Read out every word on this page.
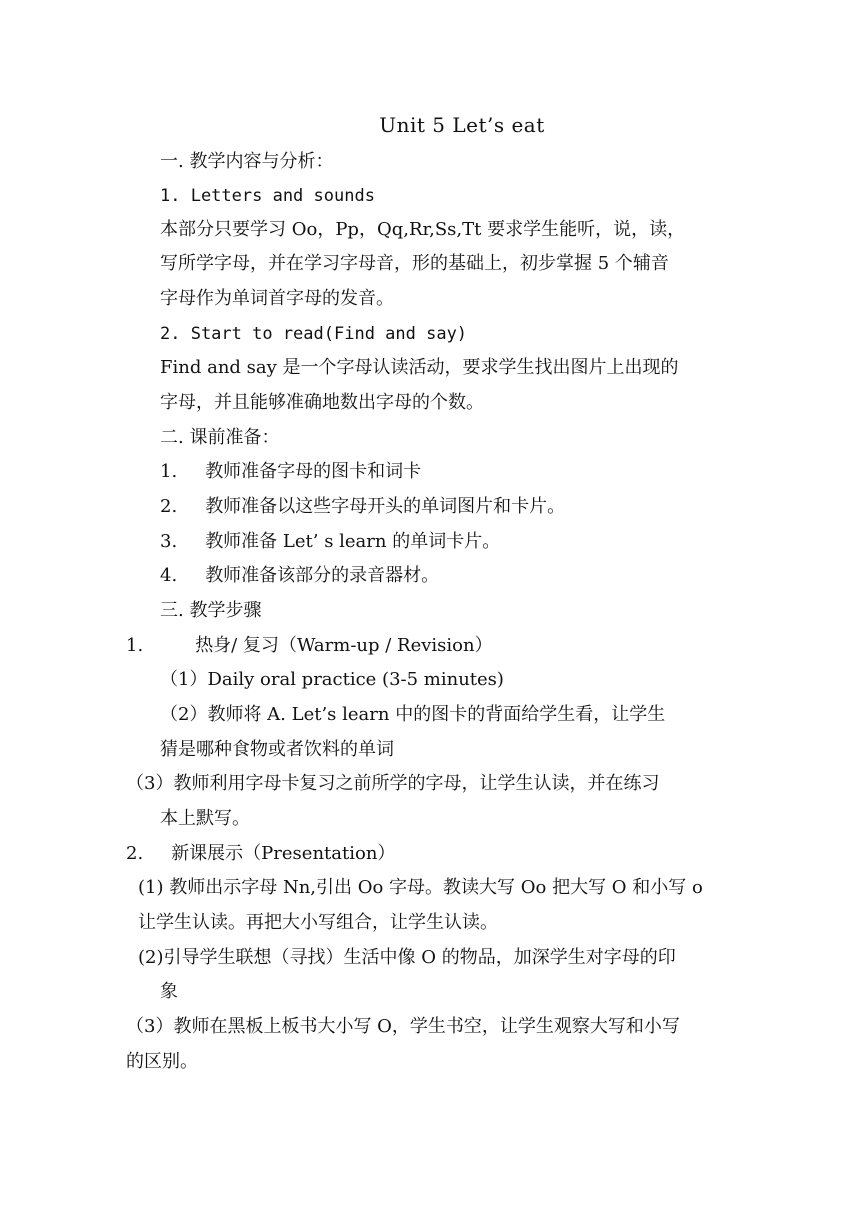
Unit 5 Let’s eat
一. 教学内容与分析：
1. Letters and sounds
本部分只要学习 Oo，Pp，Qq,Rr,Ss,Tt 要求学生能听，说，读，
写所学字母，并在学习字母音，形的基础上，初步掌握 5 个辅音
字母作为单词首字母的发音。
2. Start to read(Find and say)
Find and say 是一个字母认读活动，要求学生找出图片上出现的
字母，并且能够准确地数出字母的个数。
二. 课前准备：
1. 教师准备字母的图卡和词卡
2. 教师准备以这些字母开头的单词图片和卡片。
3. 教师准备 Let’ s learn 的单词卡片。
4. 教师准备该部分的录音器材。
三. 教学步骤
1.	热身/ 复习（Warm-up / Revision）
（1）Daily oral practice (3-5 minutes)
（2）教师将 A. Let’s learn 中的图卡的背面给学生看，让学生
猜是哪种食物或者饮料的单词
（3）教师利用字母卡复习之前所学的字母，让学生认读，并在练习
本上默写。
2. 新课展示（Presentation）
(1) 教师出示字母 Nn,引出 Oo 字母。教读大写 Oo 把大写 O 和小写 o
让学生认读。再把大小写组合，让学生认读。
(2)引导学生联想（寻找）生活中像 O 的物品，加深学生对字母的印
象
（3）教师在黑板上板书大小写 O，学生书空，让学生观察大写和小写
的区别。
